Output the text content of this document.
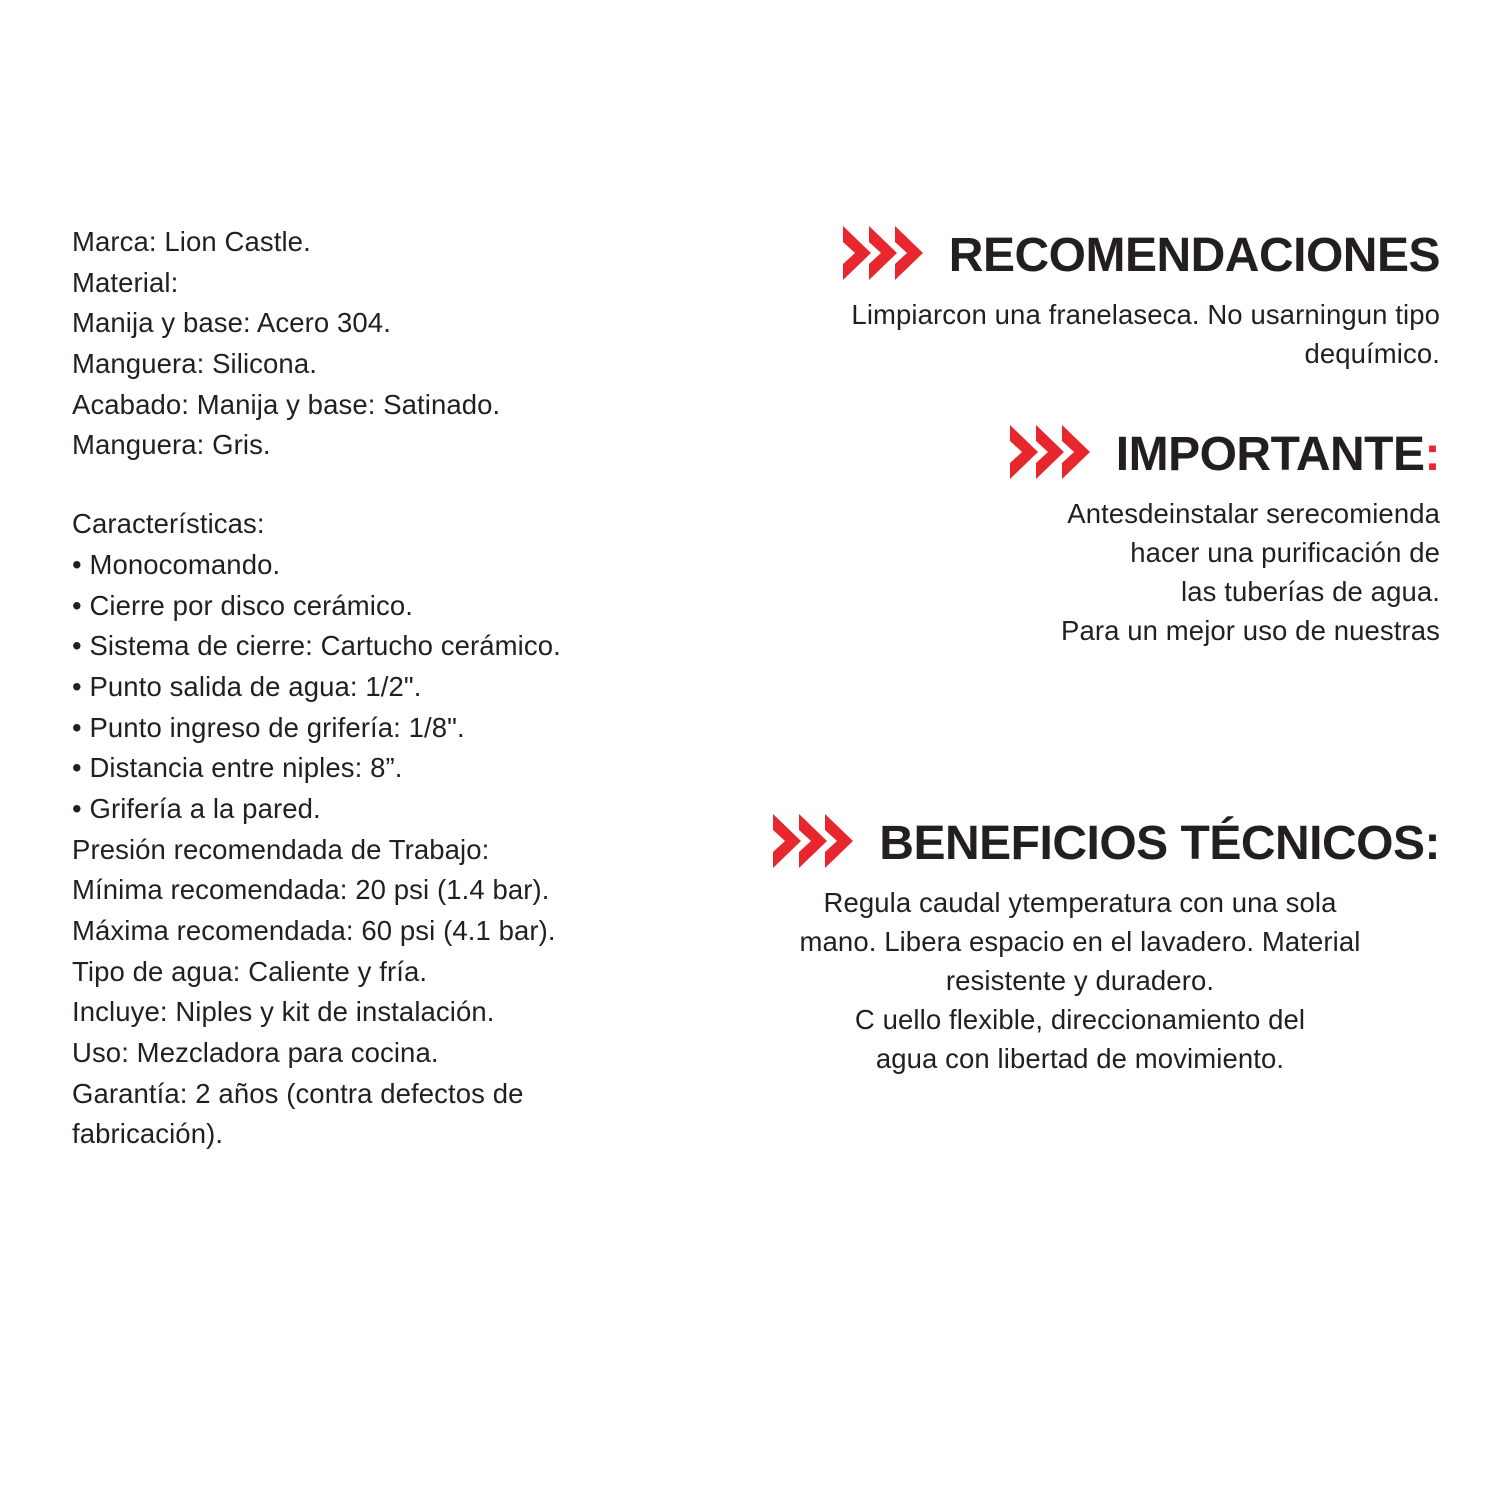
Marca: Lion Castle.

Material:

Manija y base: Acero 304.

Manguera: Silicona.

Acabado: Manija y base: Satinado.

Manguera: Gris.

Características:

• Monocomando.

• Cierre por disco cerámico.

• Sistema de cierre: Cartucho cerámico.

• Punto salida de agua: 1/2".

• Punto ingreso de grifería: 1/8".

• Distancia entre niples: 8”.

• Grifería a la pared.

Presión recomendada de Trabajo:

Mínima recomendada: 20 psi (1.4 bar).

Máxima recomendada: 60 psi (4.1 bar).

Tipo de agua: Caliente y fría.

Incluye: Niples y kit de instalación.

Uso: Mezcladora para cocina.

Garantía: 2 años (contra defectos de fabricación).

RECOMENDACIONES

Limpiarcon una franelaseca. No usarningun tipo dequímico.

IMPORTANTE:

Antesdeinstalar serecomienda

hacer una purificación de

las tuberías de agua.

Para un mejor uso de nuestras

BENEFICIOS TÉCNICOS:

Regula caudal ytemperatura con una sola

mano. Libera espacio en el lavadero. Material

resistente y duradero.

C uello flexible, direccionamiento del

agua con libertad de movimiento.
